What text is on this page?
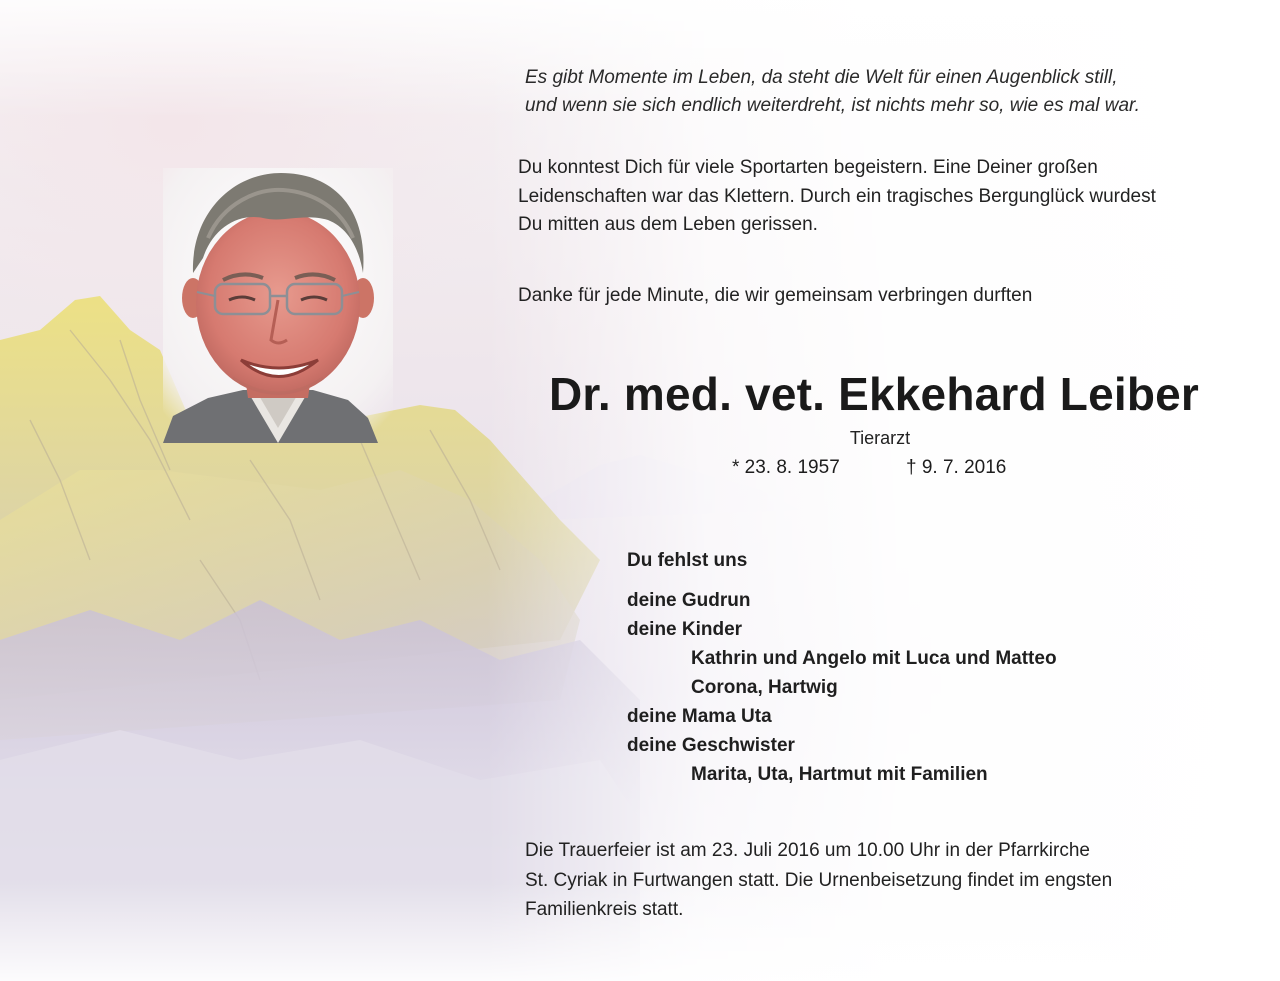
Es gibt Momente im Leben, da steht die Welt für einen Augenblick still,
und wenn sie sich endlich weiterdreht, ist nichts mehr so, wie es mal war.
Du konntest Dich für viele Sportarten begeistern. Eine Deiner großen
Leidenschaften war das Klettern. Durch ein tragisches Bergunglück wurdest
Du mitten aus dem Leben gerissen.
Danke für jede Minute, die wir gemeinsam verbringen durften
Dr. med. vet. Ekkehard Leiber
Tierarzt
* 23. 8. 1957	† 9. 7. 2016
Du fehlst uns
deine Gudrun
deine Kinder
Kathrin und Angelo mit Luca und Matteo
Corona, Hartwig
deine Mama Uta
deine Geschwister
Marita, Uta, Hartmut mit Familien
Die Trauerfeier ist am 23. Juli 2016 um 10.00 Uhr in der Pfarrkirche
St. Cyriak in Furtwangen statt. Die Urnenbeisetzung findet im engsten
Familienkreis statt.
